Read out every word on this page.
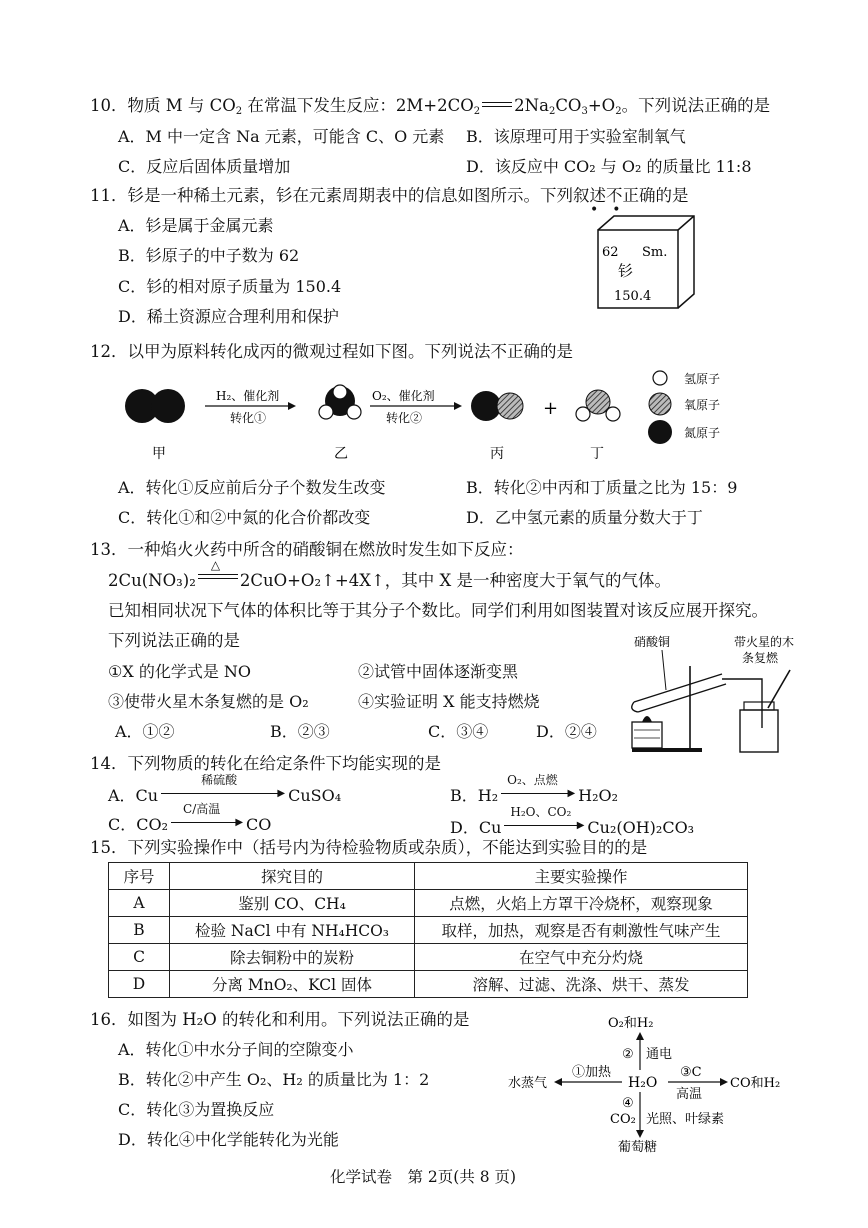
10．物质 M 与 $CO_2$ 在常温下发生反应：$2M+2CO_2$ $2Na_2CO_3+O_2$。下列说法正确的是
A．M 中一定含 Na 元素，可能含 C、O 元素 B．该原理可用于实验室制氧气
C．反应后固体质量增加	D．该反应中 CO₂ 与 O₂ 的质量比 11:8
11．钐是一种稀土元素，钐在元素周期表中的信息如图所示。下列叙述不正确的是
• •
A．钐是属于金属元素
B．钐原子的中子数为 62
C．钐的相对原子质量为 150.4
D．稀土资源应合理利用和保护
62 Sm.
钐
150.4
12．以甲为原料转化成丙的微观过程如下图。下列说法不正确的是
H₂、催化剂
转化①
O₂、催化剂
转化②	+
甲	乙	丙	丁
氢原子
氧原子
氮原子
A．转化①反应前后分子个数发生改变	B．转化②中丙和丁质量之比为 15：9
C．转化①和②中氮的化合价都改变	D．乙中氢元素的质量分数大于丁
13．一种焰火火药中所含的硝酸铜在燃放时发生如下反应：
2Cu(NO₃)₂
△
2CuO+O₂↑+4X↑，其中 X 是一种密度大于氧气的气体。
已知相同状况下气体的体积比等于其分子个数比。同学们利用如图装置对该反应展开探究。
下列说法正确的是
①X 的化学式是 NO	②试管中固体逐渐变黑
③使带火星木条复燃的是 O₂	④实验证明 X 能支持燃烧
A．①②	B．②③	C．③④	D．②④
硝酸铜	带火星的木
条复燃
14．下列物质的转化在给定条件下均能实现的是
A．Cu
稀硫酸
▶ CuSO₄	B．H₂
O₂、点燃
▶ H₂O₂
C．CO₂
C/高温
▶ CO	D．Cu
H₂O、CO₂
▶ Cu₂(OH)₂CO₃
15．下列实验操作中（括号内为待检验物质或杂质），不能达到实验目的的是
序号	探究目的	主要实验操作
A	鉴别 CO、CH₄	点燃，火焰上方罩干冷烧杯，观察现象
B	检验 NaCl 中有 NH₄HCO₃	取样，加热，观察是否有刺激性气味产生
C	除去铜粉中的炭粉	在空气中充分灼烧
D	分离 MnO₂、KCl 固体	溶解、过滤、洗涤、烘干、蒸发
16．如图为 H₂O 的转化和利用。下列说法正确的是
A．转化①中水分子间的空隙变小
B．转化②中产生 O₂、H₂ 的质量比为 1：2
C．转化③为置换反应
D．转化④中化学能转化为光能
H₂O
O₂和H₂
② 通电
水蒸气
①加热	③C
高温
CO和H₂
④
CO₂ 光照、叶绿素
葡萄糖
化学试卷　第 2页(共 8 页)
